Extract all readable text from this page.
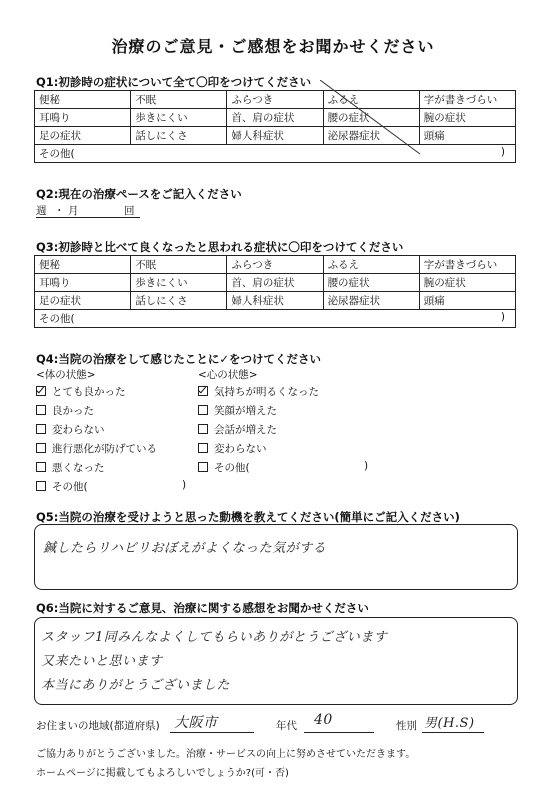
治療のご意見・ご感想をお聞かせください
Q1:初診時の症状について全て〇印をつけてください
便秘	不眠	ふらつき	ふるえ	字が書きづらい
耳鳴り	歩きにくい	首、肩の症状	腰の症状	腕の症状
足の症状	話しにくさ	婦人科症状	泌尿器症状	頭痛
その他( )				
Q2:現在の治療ペースをご記入ください
週 ・ 月	回
Q3:初診時と比べて良くなったと思われる症状に〇印をつけてください
便秘	不眠	ふらつき	ふるえ	字が書きづらい
耳鳴り	歩きにくい	首、肩の症状	腰の症状	腕の症状
足の症状	話しにくさ	婦人科症状	泌尿器症状	頭痛
その他( )				
Q4:当院の治療をして感じたことに✓をつけてください
<体の状態>	<心の状態>
とても良かった
良かった
変わらない
進行悪化が防げている
悪くなった
その他(	)
気持ちが明るくなった
笑顔が増えた
会話が増えた
変わらない
その他(	)
Q5:当院の治療を受けようと思った動機を教えてください(簡単にご記入ください)
鍼したらリハビリおぼえがよくなった気がする
Q6:当院に対するご意見、治療に関する感想をお聞かせください
スタッフ1同みんなよくしてもらいありがとうございます
又来たいと思います
本当にありがとうございました
お住まいの地域(都道府県) 大阪市	年代 40	性別 男(H.S)
ご協力ありがとうございました。治療・サービスの向上に努めさせていただきます。
ホームページに掲載してもよろしいでしょうか?(可・否)
